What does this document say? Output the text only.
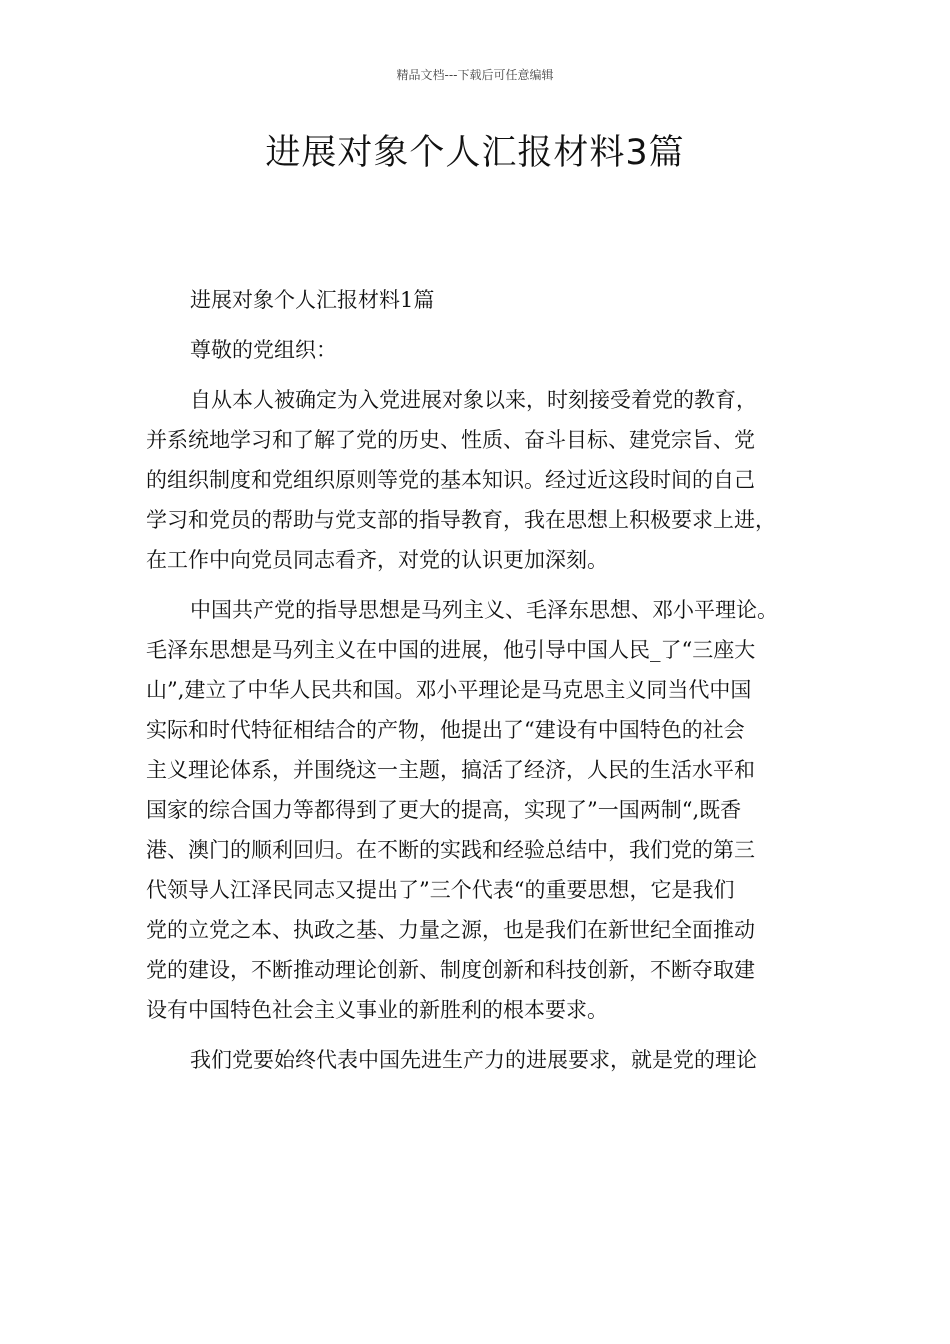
精品文档---下载后可任意编辑
进展对象个人汇报材料3篇

进展对象个人汇报材料1篇

尊敬的党组织：

自从本人被确定为入党进展对象以来，时刻接受着党的教育，
并系统地学习和了解了党的历史、性质、奋斗目标、建党宗旨、党
的组织制度和党组织原则等党的基本知识。经过近这段时间的自己
学习和党员的帮助与党支部的指导教育，我在思想上积极要求上进，
在工作中向党员同志看齐，对党的认识更加深刻。

中国共产党的指导思想是马列主义、毛泽东思想、邓小平理论。
毛泽东思想是马列主义在中国的进展，他引导中国人民_了“三座大
山”,建立了中华人民共和国。邓小平理论是马克思主义同当代中国
实际和时代特征相结合的产物，他提出了“建设有中国特色的社会
主义理论体系，并围绕这一主题，搞活了经济，人民的生活水平和
国家的综合国力等都得到了更大的提高，实现了”一国两制“,既香
港、澳门的顺利回归。在不断的实践和经验总结中，我们党的第三
代领导人江泽民同志又提出了”三个代表“的重要思想，它是我们
党的立党之本、执政之基、力量之源，也是我们在新世纪全面推动
党的建设，不断推动理论创新、制度创新和科技创新，不断夺取建
设有中国特色社会主义事业的新胜利的根本要求。

我们党要始终代表中国先进生产力的进展要求，就是党的理论
